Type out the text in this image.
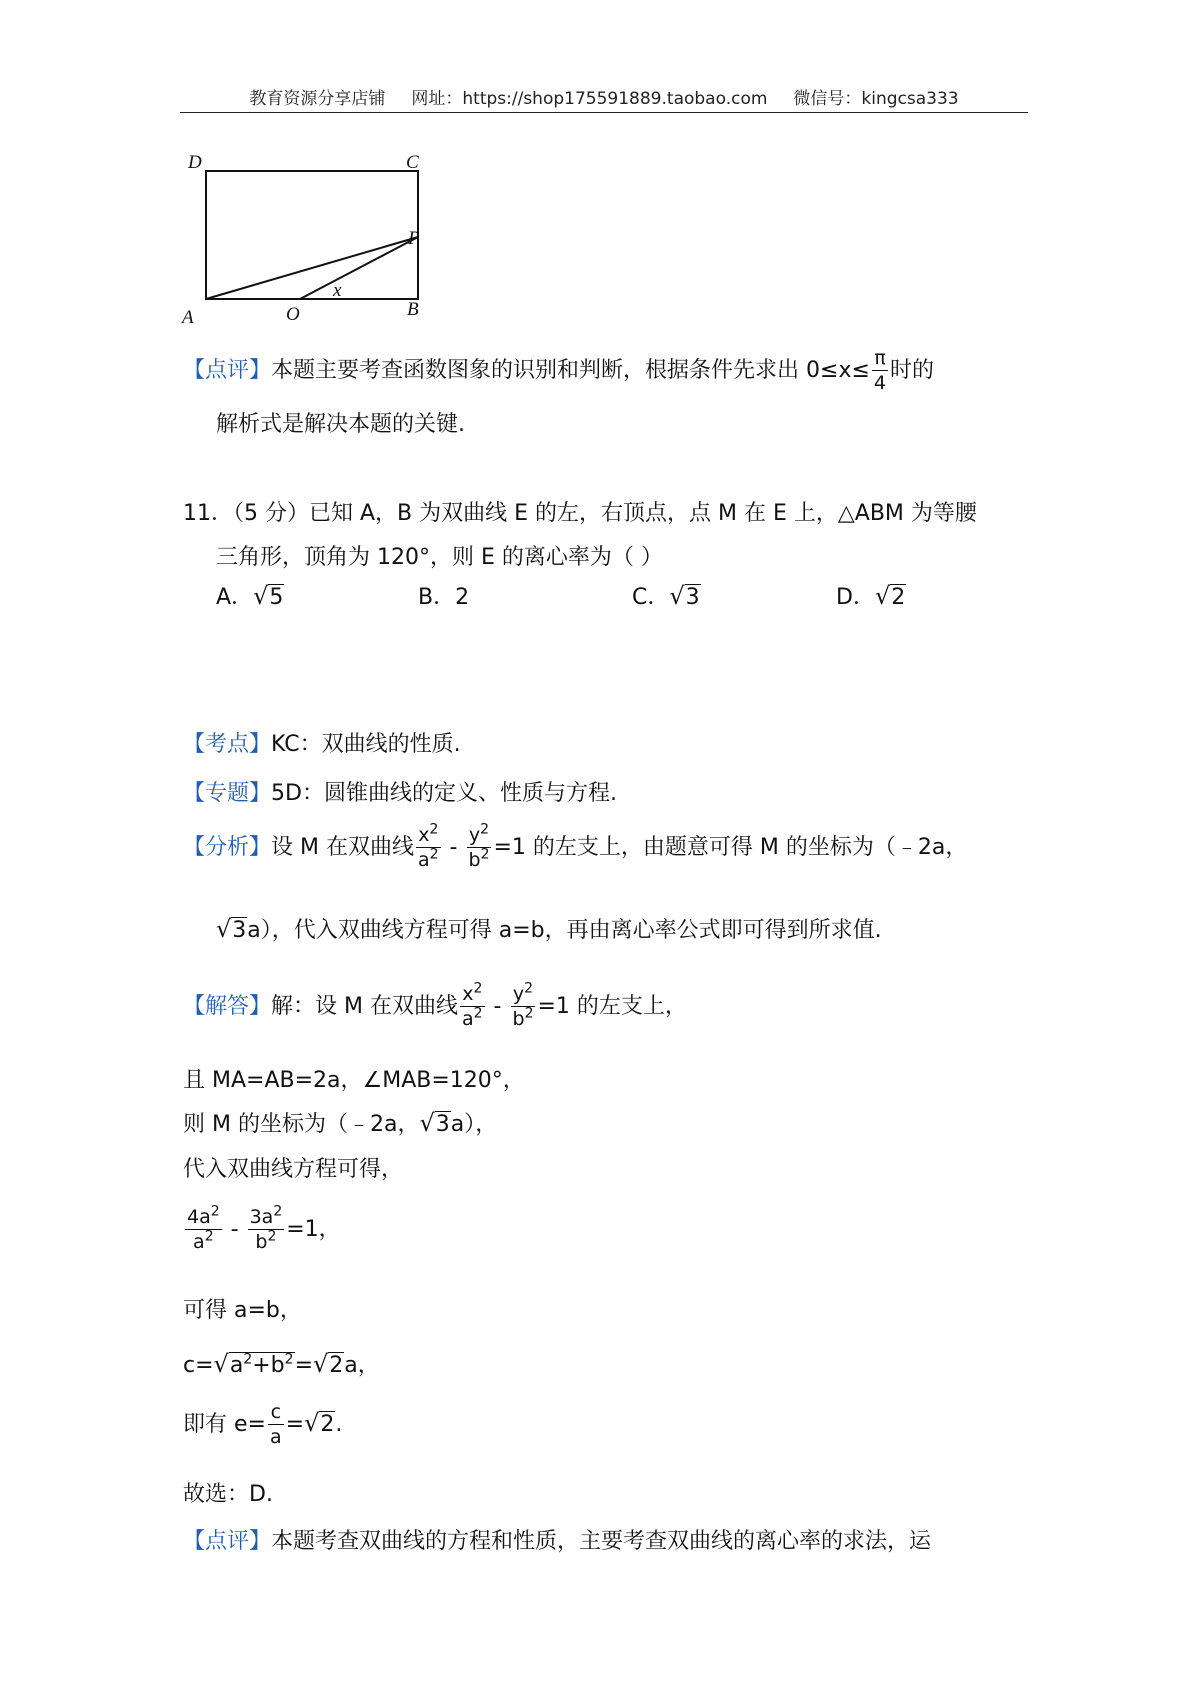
教育资源分享店铺 网址：https://shop175591889.taobao.com 微信号：kingcsa333
D	C
P
A	O	B
x
【点评】本题主要考查函数图象的识别和判断，根据条件先求出 $0\le x\le \frac{\pi}{4}$ 时的
解析式是解决本题的关键.
11．（5 分）已知 A，B 为双曲线 E 的左，右顶点，点 M 在 E 上，△ABM 为等腰
三角形，顶角为 120°，则 E 的离心率为（ ）
A．√5	B．2	C．√3	D．√2
【考点】KC：双曲线的性质.
【专题】5D：圆锥曲线的定义、性质与方程.
【分析】设 M 在双曲线 $\frac{x^2}{a^2} - \frac{y^2}{b^2} =1$ 的左支上，由题意可得 M 的坐标为（﹣2a，
√3a），代入双曲线方程可得 a=b，再由离心率公式即可得到所求值.
【解答】解：设 M 在双曲线 $\frac{x^2}{a^2} - \frac{y^2}{b^2} =1$ 的左支上，
且 MA=AB=2a，∠MAB=120°，
则 M 的坐标为（﹣2a，√3a），
代入双曲线方程可得，
$\frac{4a^2}{a^2} - \frac{3a^2}{b^2} =1$，
可得 a=b，
$c=√a^2+b^2=√2a$，
即有 $e= \frac{c}{a} =√2$.
故选：D.
【点评】本题考查双曲线的方程和性质，主要考查双曲线的离心率的求法，运
